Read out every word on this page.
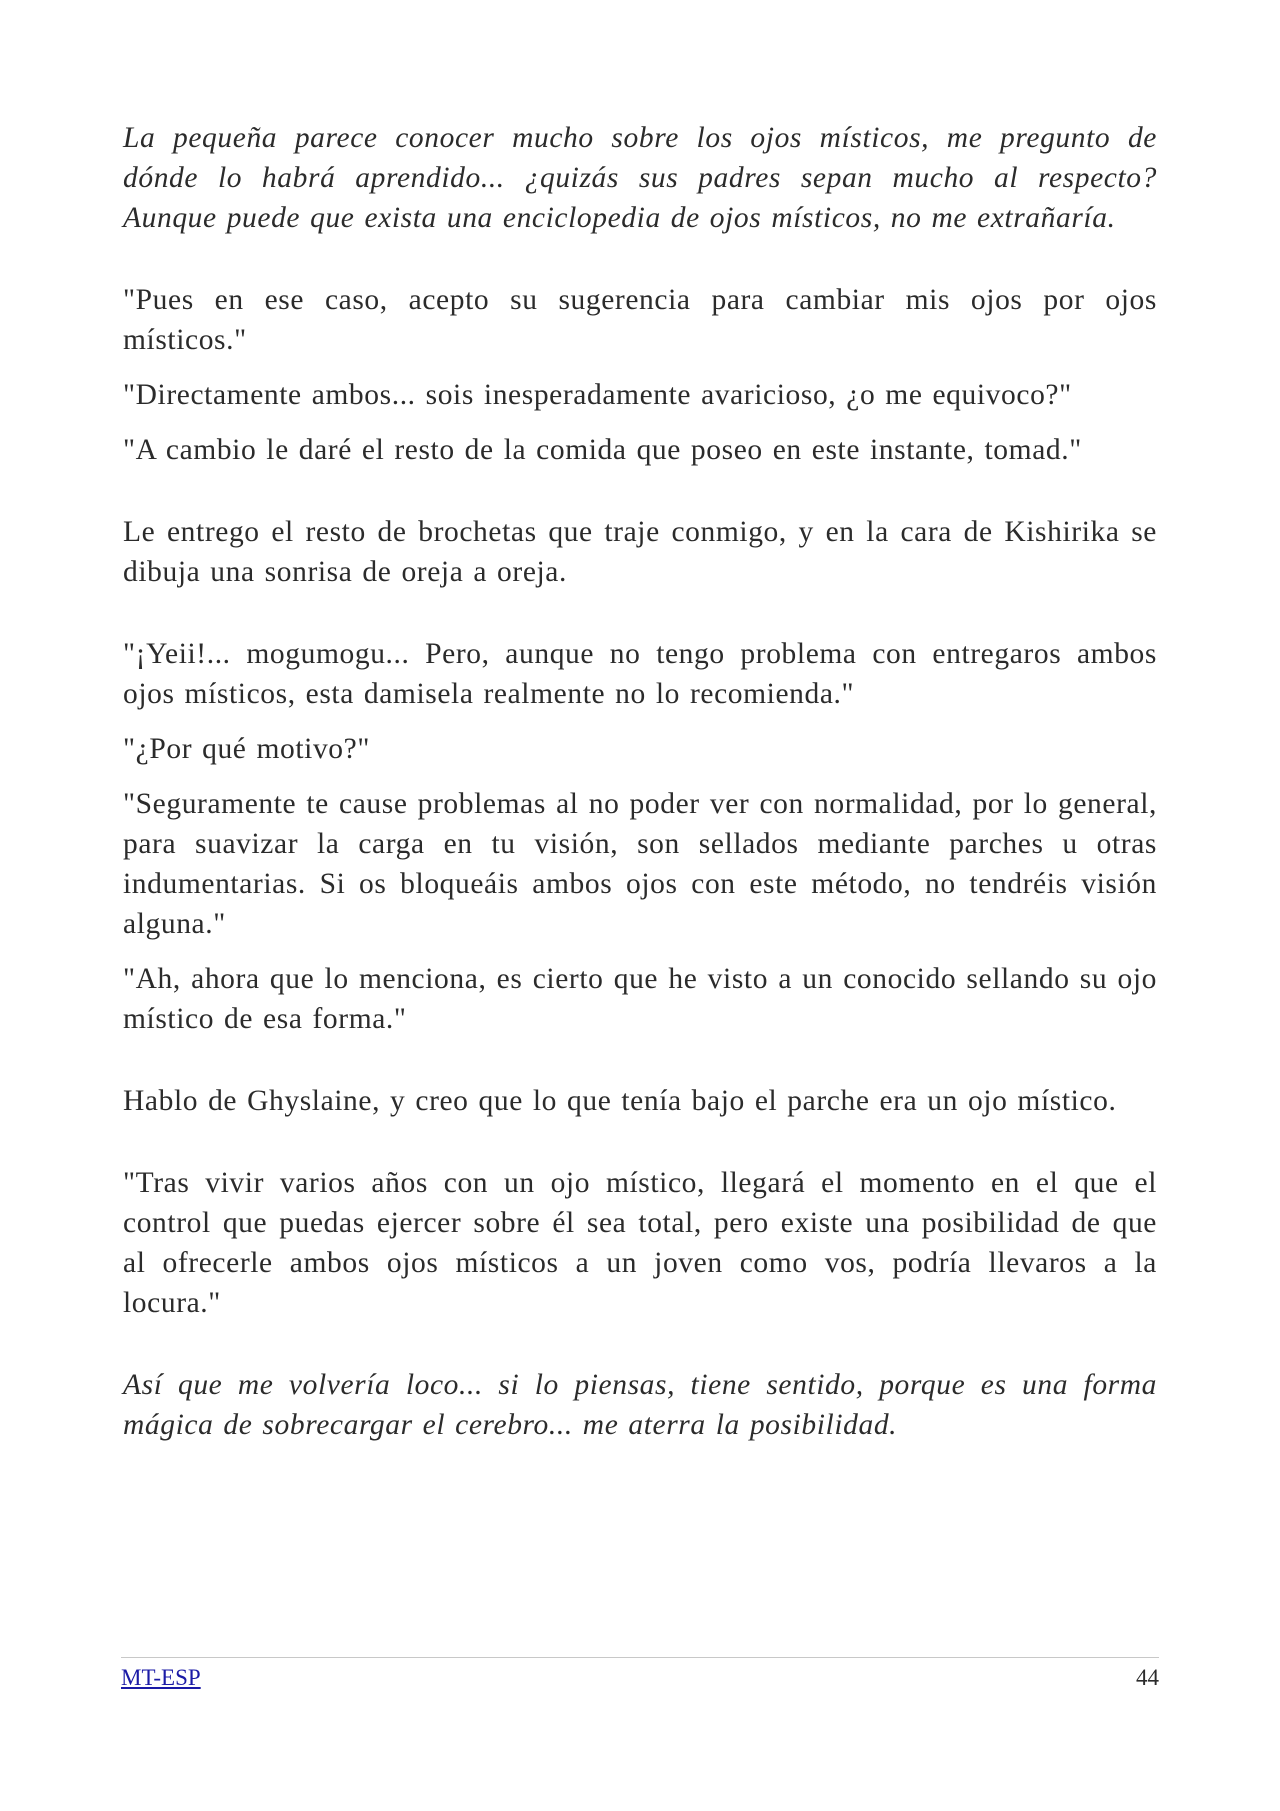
La pequeña parece conocer mucho sobre los ojos místicos, me pregunto de dónde lo habrá aprendido... ¿quizás sus padres sepan mucho al respecto? Aunque puede que exista una enciclopedia de ojos místicos, no me extrañaría.

"Pues en ese caso, acepto su sugerencia para cambiar mis ojos por ojos místicos."

"Directamente ambos... sois inesperadamente avaricioso, ¿o me equivoco?"

"A cambio le daré el resto de la comida que poseo en este instante, tomad."

Le entrego el resto de brochetas que traje conmigo, y en la cara de Kishirika se dibuja una sonrisa de oreja a oreja.

"¡Yeii!... mogumogu... Pero, aunque no tengo problema con entregaros ambos ojos místicos, esta damisela realmente no lo recomienda."

"¿Por qué motivo?"

"Seguramente te cause problemas al no poder ver con normalidad, por lo general, para suavizar la carga en tu visión, son sellados mediante parches u otras indumentarias. Si os bloqueáis ambos ojos con este método, no tendréis visión alguna."

"Ah, ahora que lo menciona, es cierto que he visto a un conocido sellando su ojo místico de esa forma."

Hablo de Ghyslaine, y creo que lo que tenía bajo el parche era un ojo místico.

"Tras vivir varios años con un ojo místico, llegará el momento en el que el control que puedas ejercer sobre él sea total, pero existe una posibilidad de que al ofrecerle ambos ojos místicos a un joven como vos, podría llevaros a la locura."

Así que me volvería loco... si lo piensas, tiene sentido, porque es una forma mágica de sobrecargar el cerebro... me aterra la posibilidad.

MT-ESP	44
